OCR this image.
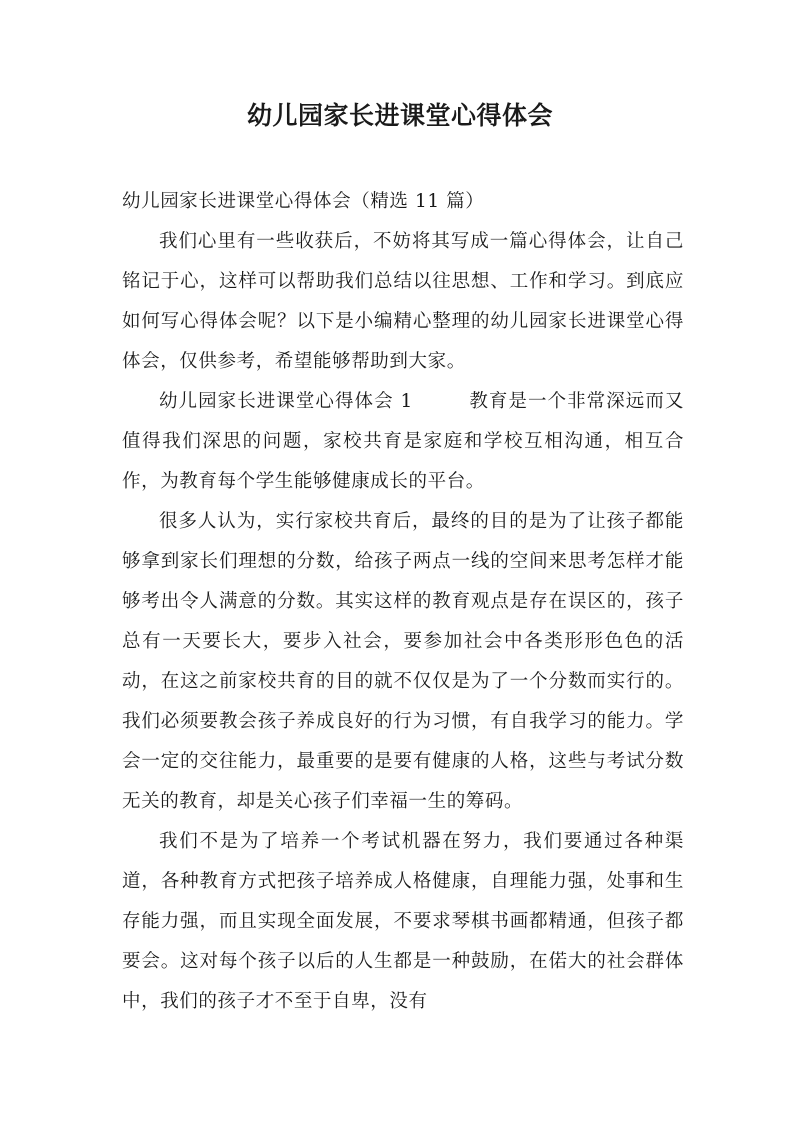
幼儿园家长进课堂心得体会

幼儿园家长进课堂心得体会（精选 11 篇）

我们心里有一些收获后，不妨将其写成一篇心得体会，让自己铭记于心，这样可以帮助我们总结以往思想、工作和学习。到底应如何写心得体会呢？以下是小编精心整理的幼儿园家长进课堂心得体会，仅供参考，希望能够帮助到大家。

幼儿园家长进课堂心得体会 1	教育是一个非常深远而又值得我们深思的问题，家校共育是家庭和学校互相沟通，相互合作，为教育每个学生能够健康成长的平台。

很多人认为，实行家校共育后，最终的目的是为了让孩子都能够拿到家长们理想的分数，给孩子两点一线的空间来思考怎样才能够考出令人满意的分数。其实这样的教育观点是存在误区的，孩子总有一天要长大，要步入社会，要参加社会中各类形形色色的活动，在这之前家校共育的目的就不仅仅是为了一个分数而实行的。我们必须要教会孩子养成良好的行为习惯，有自我学习的能力。学会一定的交往能力，最重要的是要有健康的人格，这些与考试分数无关的教育，却是关心孩子们幸福一生的筹码。

我们不是为了培养一个考试机器在努力，我们要通过各种渠道，各种教育方式把孩子培养成人格健康，自理能力强，处事和生存能力强，而且实现全面发展，不要求琴棋书画都精通，但孩子都要会。这对每个孩子以后的人生都是一种鼓励，在偌大的社会群体中，我们的孩子才不至于自卑，没有
